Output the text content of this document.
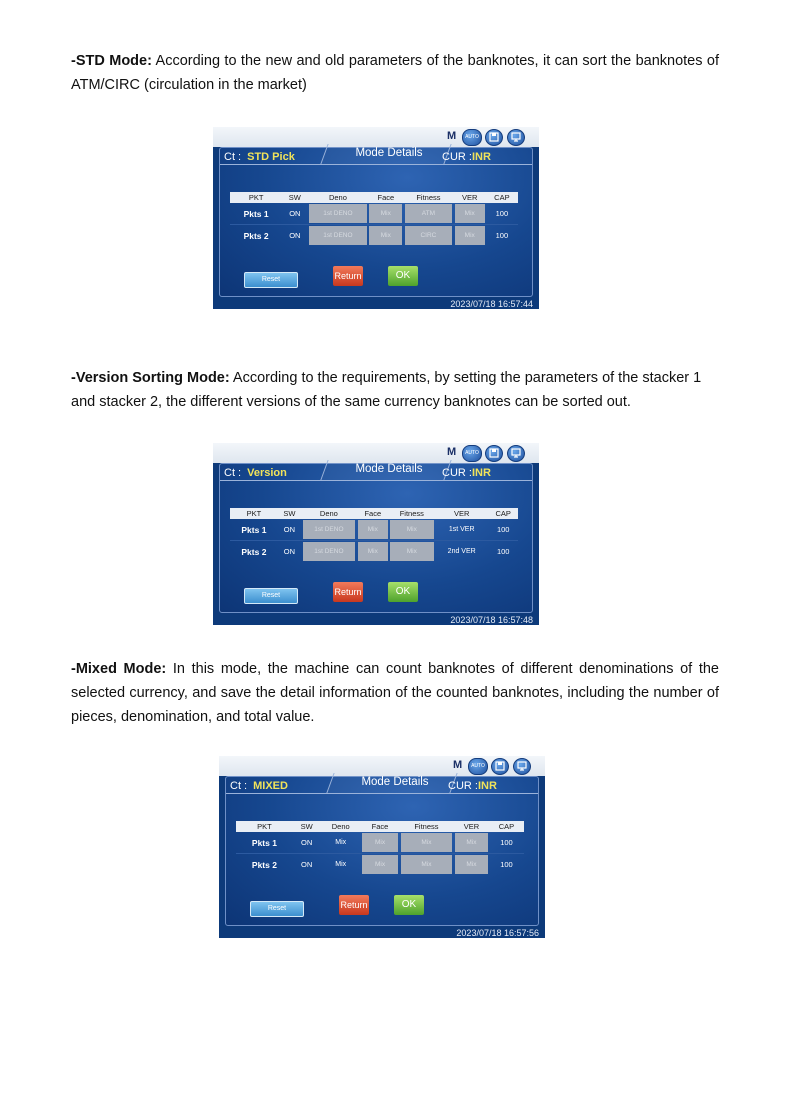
-STD Mode: According to the new and old parameters of the banknotes, it can sort the banknotes of ATM/CIRC (circulation in the market)
M	AUTO
Ct : STD Pick	Mode Details	CUR :INR
PKT	SW	Deno	Face	Fitness	VER	CAP
Pkts 1	ON	1st DENO	Mix	ATM	Mix	100
Pkts 2	ON	1st DENO	Mix	CIRC	Mix	100
Reset	Return	OK
2023/07/18 16:57:44
-Version Sorting Mode: According to the requirements, by setting the parameters of the stacker 1 and stacker 2, the different versions of the same currency banknotes can be sorted out.
M	AUTO
Ct : Version	Mode Details	CUR :INR
PKT	SW	Deno	Face	Fitness	VER	CAP
Pkts 1	ON	1st DENO	Mix	Mix	1st VER	100
Pkts 2	ON	1st DENO	Mix	Mix	2nd VER	100
Reset	Return	OK
2023/07/18 16:57:48
-Mixed Mode: In this mode, the machine can count banknotes of different denominations of the selected currency, and save the detail information of the counted banknotes, including the number of pieces, denomination, and total value.
M	AUTO
Ct : MIXED	Mode Details	CUR :INR
PKT	SW	Deno	Face	Fitness	VER	CAP
Pkts 1	ON	Mix	Mix	Mix	Mix	100
Pkts 2	ON	Mix	Mix	Mix	Mix	100
Reset	Return	OK
2023/07/18 16:57:56
